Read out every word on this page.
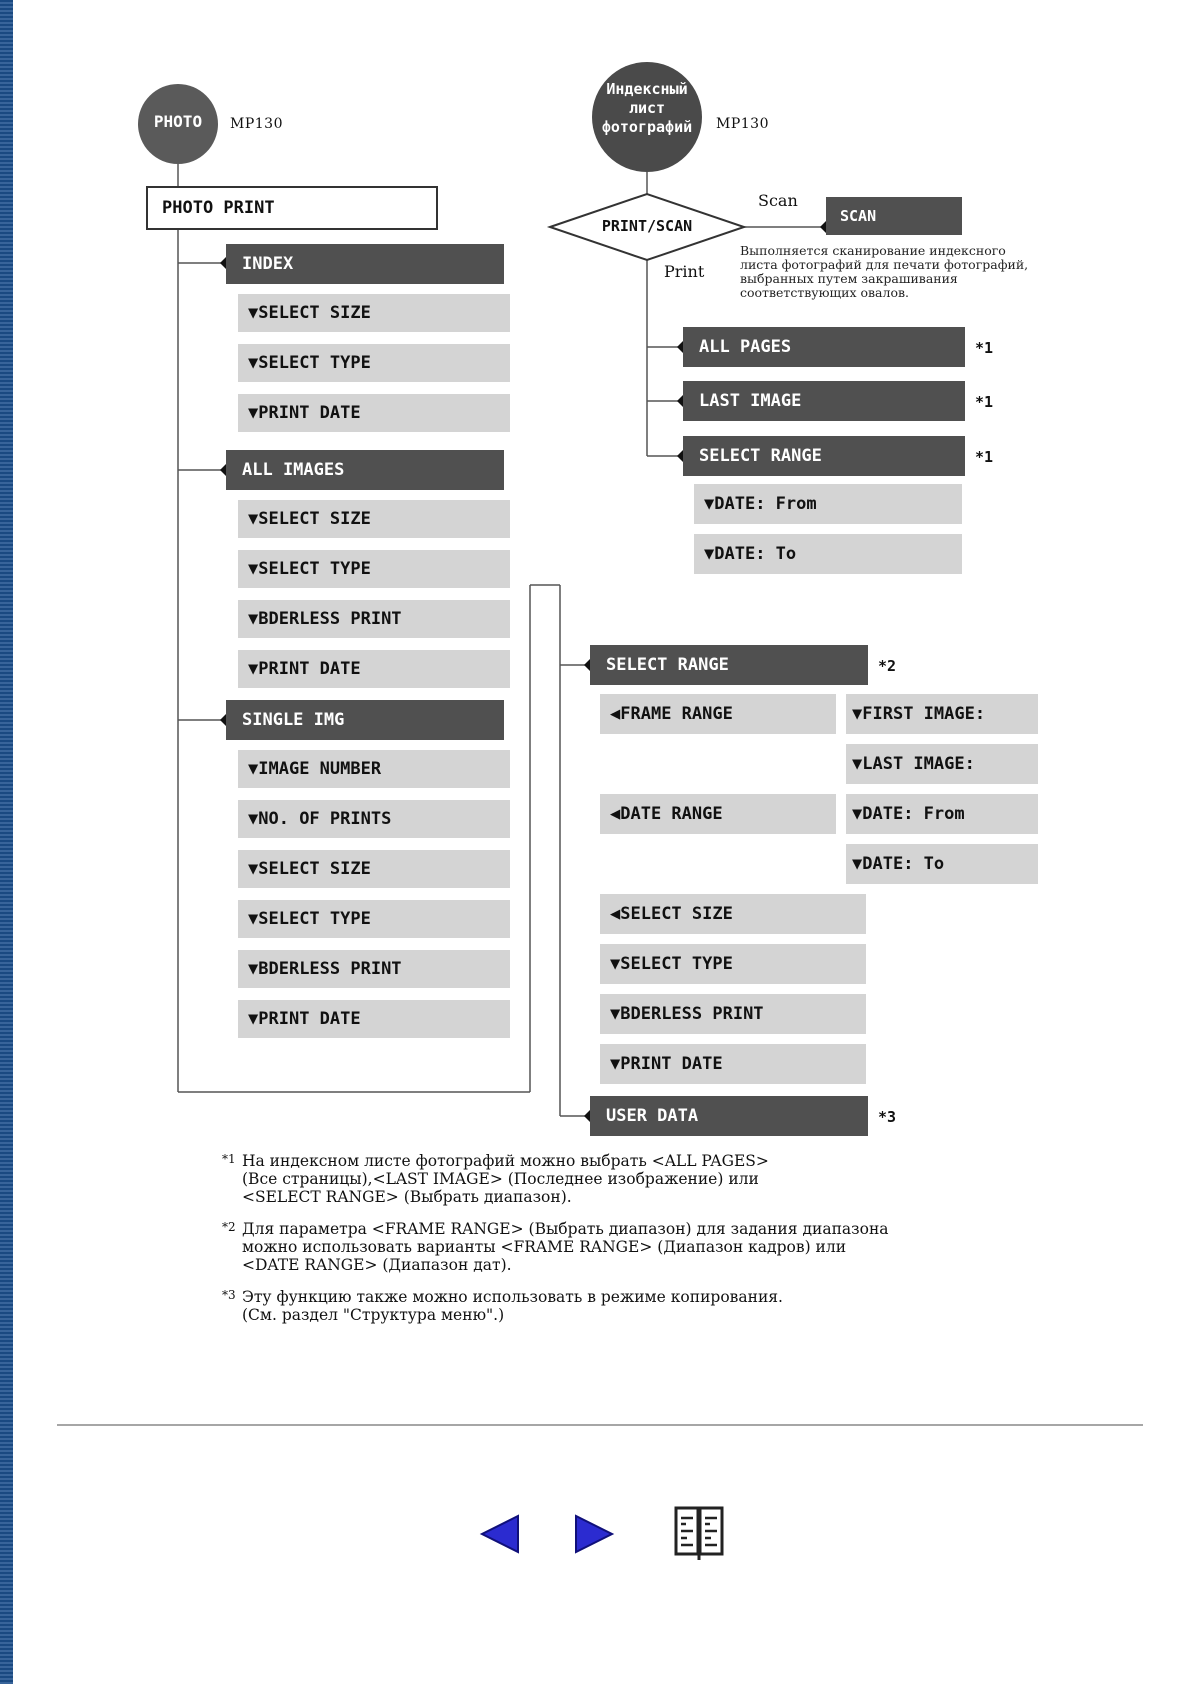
PHOTO	MP130
PHOTO PRINT
INDEX
▼ SELECT SIZE
▼ SELECT TYPE
▼ PRINT DATE
ALL IMAGES
▼ SELECT SIZE
▼ SELECT TYPE
▼ BDERLESS PRINT
▼ PRINT DATE
SINGLE IMG
▼ IMAGE NUMBER
▼ NO. OF PRINTS
▼ SELECT SIZE
▼ SELECT TYPE
▼ BDERLESS PRINT
▼ PRINT DATE
Индексный
лист
фотографий	MP130
PRINT/SCAN
Scan
Print
SCAN
Выполняется сканирование индексного
листа фотографий для печати фотографий,
выбранных путем закрашивания
соответствующих овалов.
ALL PAGES	*1
LAST IMAGE	*1
SELECT RANGE	*1
▼ DATE: From
▼ DATE: To
SELECT RANGE	*2
◀ FRAME RANGE	▼ FIRST IMAGE:
▼ LAST IMAGE:
◀ DATE RANGE	▼ DATE: From
▼ DATE: To
◀ SELECT SIZE
▼ SELECT TYPE
▼ BDERLESS PRINT
▼ PRINT DATE
USER DATA	*3
*1 На индексном листе фотографий можно выбрать <ALL PAGES>
(Все страницы),<LAST IMAGE> (Последнее изображение) или
<SELECT RANGE> (Выбрать диапазон).
*2 Для параметра <FRAME RANGE> (Выбрать диапазон) для задания диапазона
можно использовать варианты <FRAME RANGE> (Диапазон кадров) или
<DATE RANGE> (Диапазон дат).
*3 Эту функцию также можно использовать в режиме копирования.
(См. раздел "Структура меню".)
